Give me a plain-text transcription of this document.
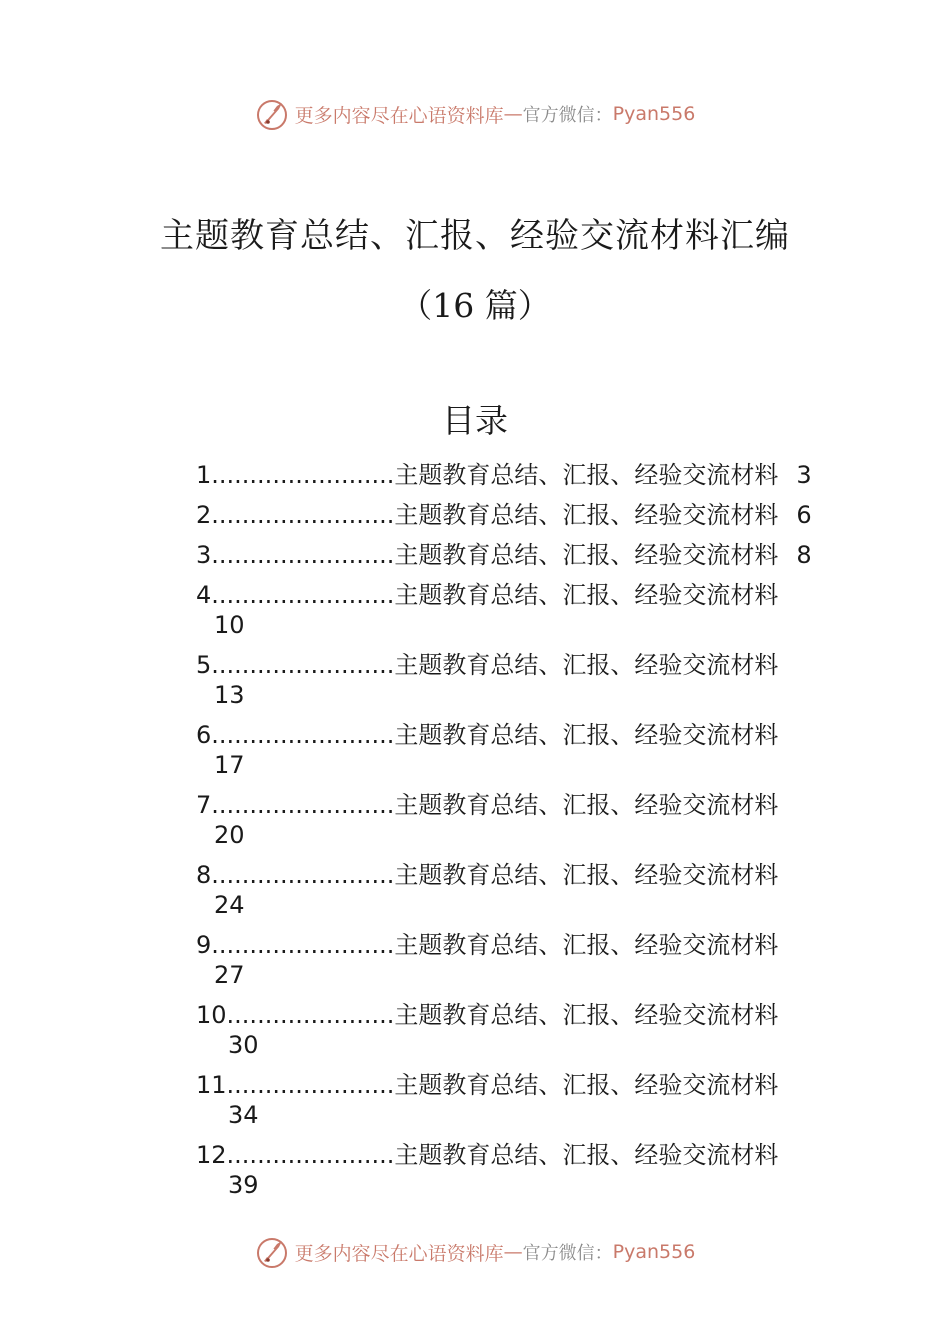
更多内容尽在心语资料库 — 官方微信： Pyan556
主题教育总结、汇报、经验交流材料汇编
（16 篇）
目录
1 ........................ 主题教育总结、汇报、经验交流材料 3
2 ........................ 主题教育总结、汇报、经验交流材料 6
3 ........................ 主题教育总结、汇报、经验交流材料 8
4 ........................ 主题教育总结、汇报、经验交流材料
10
5 ........................ 主题教育总结、汇报、经验交流材料
13
6 ........................ 主题教育总结、汇报、经验交流材料
17
7 ........................ 主题教育总结、汇报、经验交流材料
20
8 ........................ 主题教育总结、汇报、经验交流材料
24
9 ........................ 主题教育总结、汇报、经验交流材料
27
10 ...................... 主题教育总结、汇报、经验交流材料
30
11 ...................... 主题教育总结、汇报、经验交流材料
34
12 ...................... 主题教育总结、汇报、经验交流材料
39
更多内容尽在心语资料库 — 官方微信： Pyan556
